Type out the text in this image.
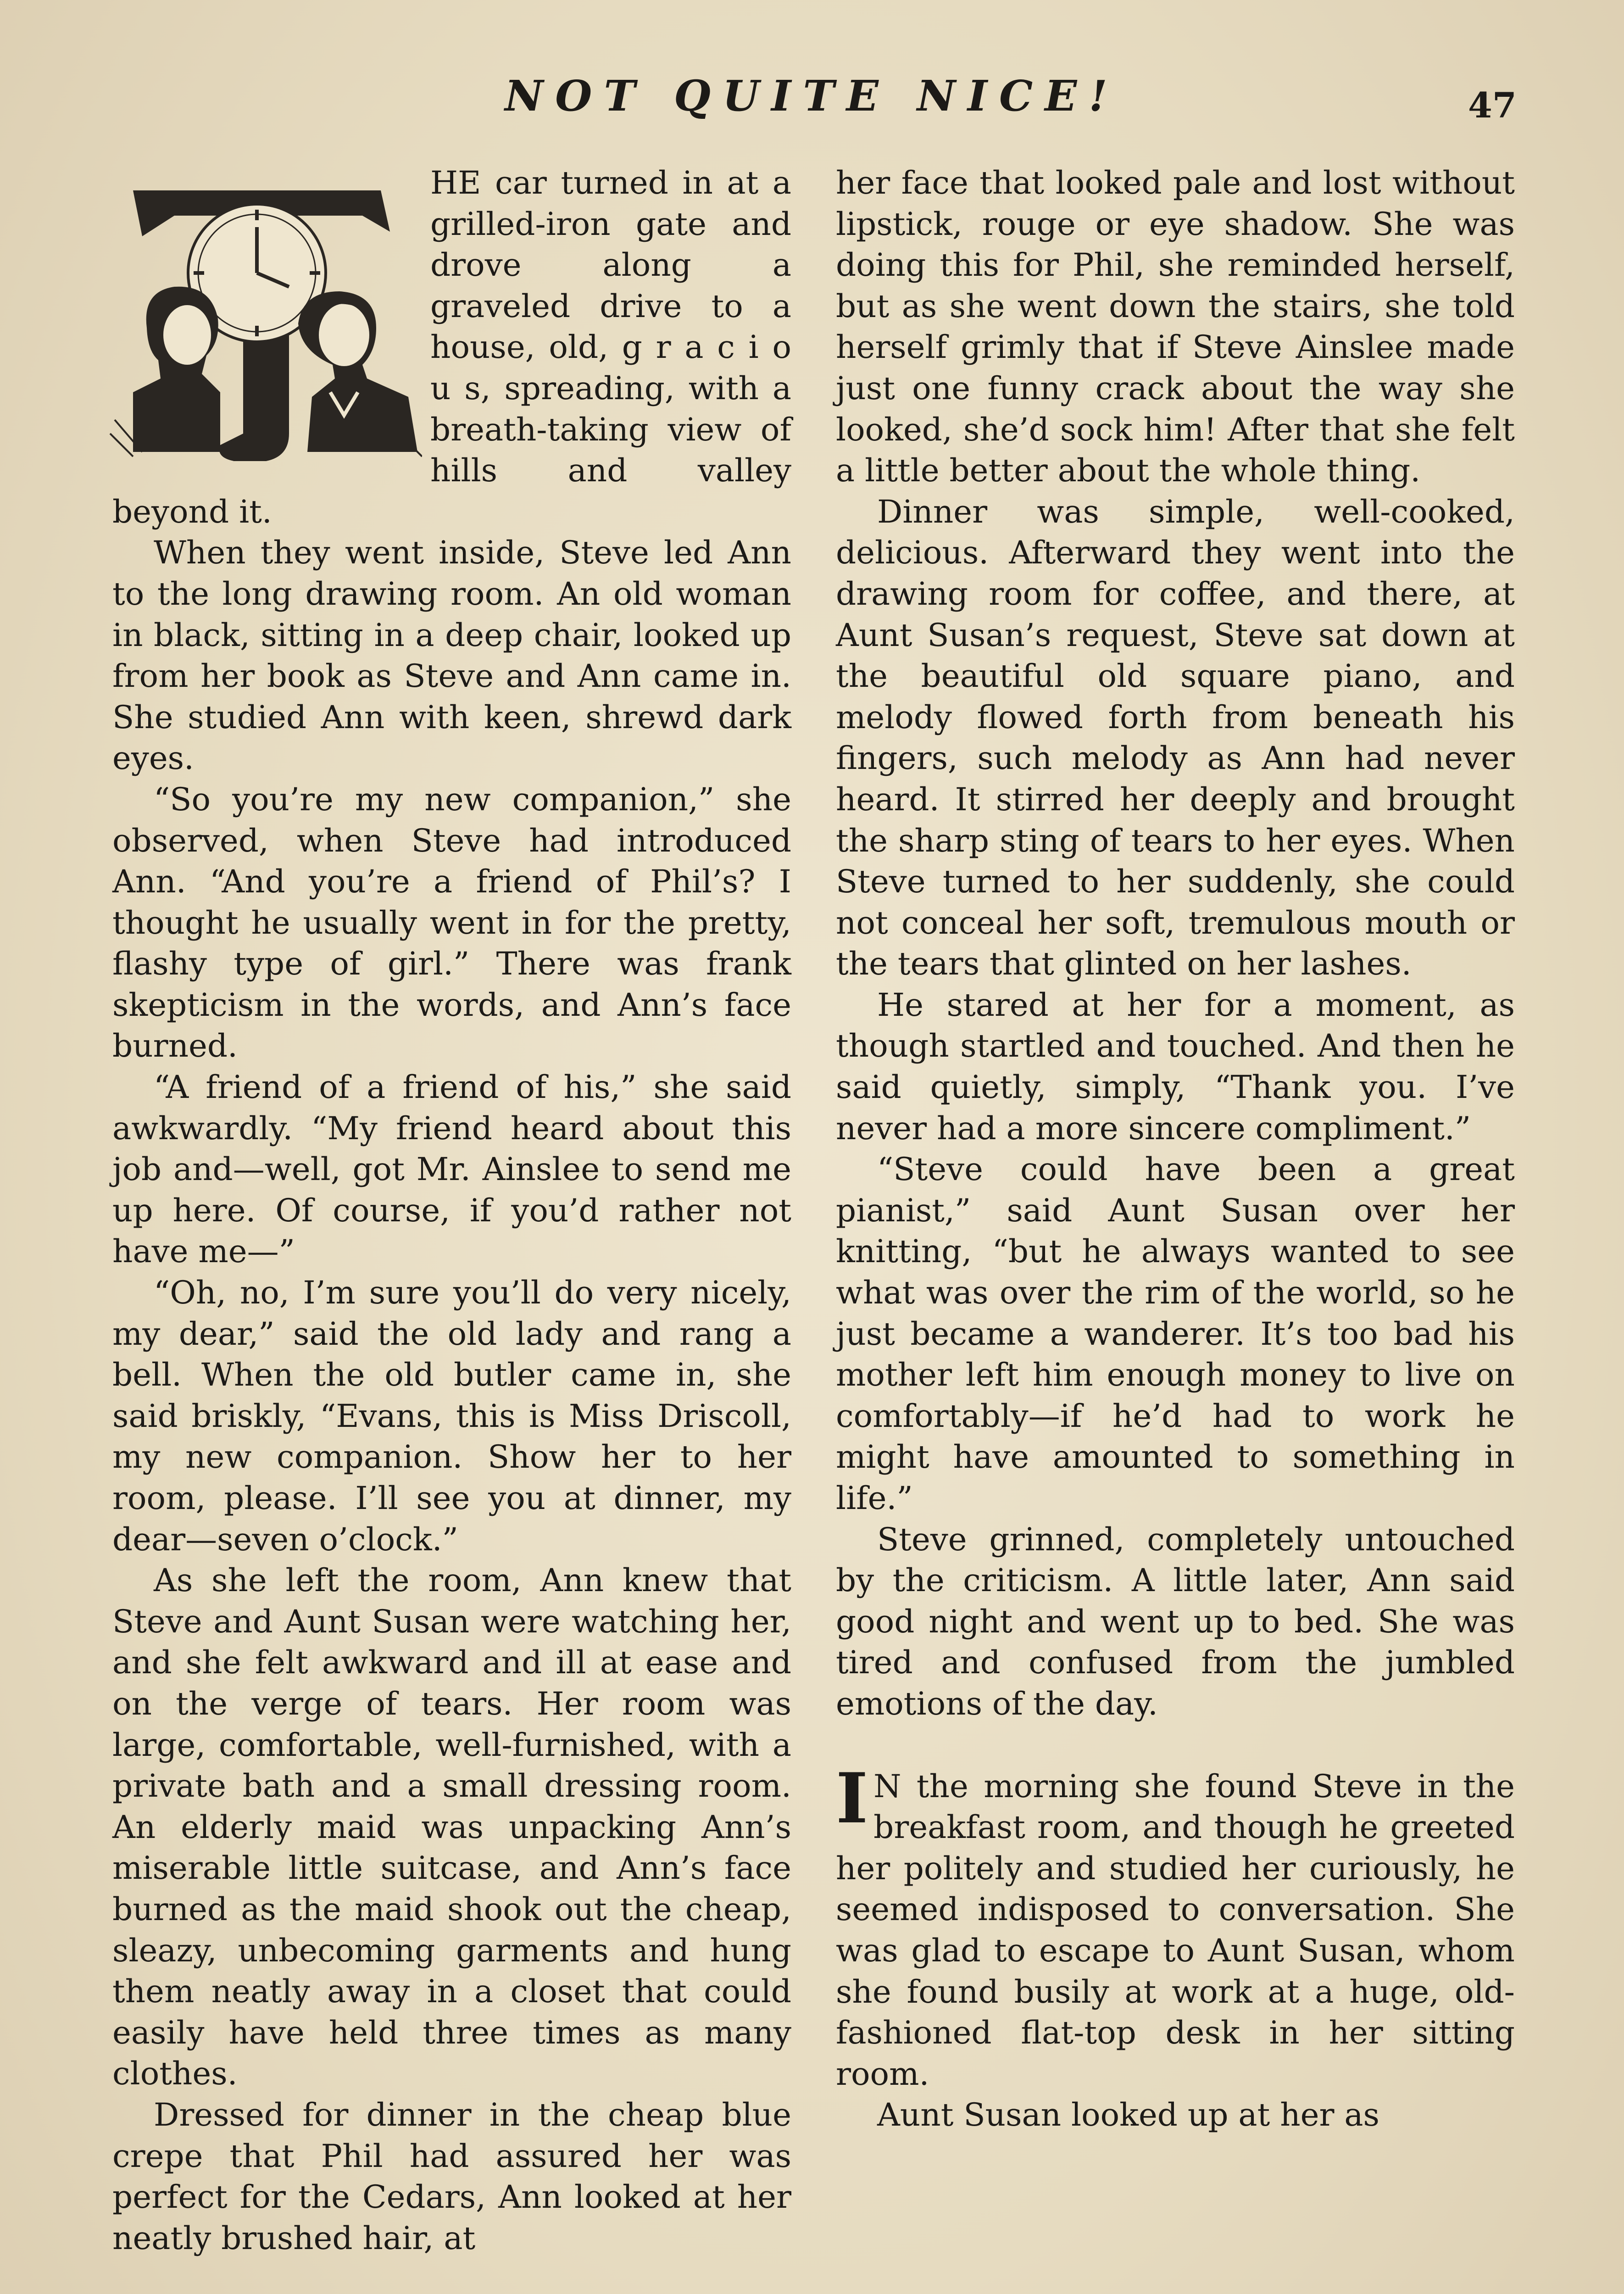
NOT QUITE NICE!	47

HE car turned in at a grilled-iron gate and drove along a graveled drive to a house, old, g r a c i o u s, spreading, with a breath-taking view of hills and valley beyond it.

When they went inside, Steve led Ann to the long drawing room. An old woman in black, sitting in a deep chair, looked up from her book as Steve and Ann came in. She studied Ann with keen, shrewd dark eyes.

“So you’re my new companion,” she observed, when Steve had introduced Ann. “And you’re a friend of Phil’s? I thought he usually went in for the pretty, flashy type of girl.” There was frank skepticism in the words, and Ann’s face burned.

“A friend of a friend of his,” she said awkwardly. “My friend heard about this job and—well, got Mr. Ainslee to send me up here. Of course, if you’d rather not have me—”

“Oh, no, I’m sure you’ll do very nicely, my dear,” said the old lady and rang a bell. When the old butler came in, she said briskly, “Evans, this is Miss Driscoll, my new companion. Show her to her room, please. I’ll see you at dinner, my dear—seven o’clock.”

As she left the room, Ann knew that Steve and Aunt Susan were watching her, and she felt awkward and ill at ease and on the verge of tears. Her room was large, comfortable, well-furnished, with a private bath and a small dressing room. An elderly maid was unpacking Ann’s miserable little suitcase, and Ann’s face burned as the maid shook out the cheap, sleazy, unbecoming garments and hung them neatly away in a closet that could easily have held three times as many clothes.

Dressed for dinner in the cheap blue crepe that Phil had assured her was perfect for the Cedars, Ann looked at her neatly brushed hair, at

her face that looked pale and lost without lipstick, rouge or eye shadow. She was doing this for Phil, she reminded herself, but as she went down the stairs, she told herself grimly that if Steve Ainslee made just one funny crack about the way she looked, she’d sock him! After that she felt a little better about the whole thing.

Dinner was simple, well-cooked, delicious. Afterward they went into the drawing room for coffee, and there, at Aunt Susan’s request, Steve sat down at the beautiful old square piano, and melody flowed forth from beneath his fingers, such melody as Ann had never heard. It stirred her deeply and brought the sharp sting of tears to her eyes. When Steve turned to her suddenly, she could not conceal her soft, tremulous mouth or the tears that glinted on her lashes.

He stared at her for a moment, as though startled and touched. And then he said quietly, simply, “Thank you. I’ve never had a more sincere compliment.”

“Steve could have been a great pianist,” said Aunt Susan over her knitting, “but he always wanted to see what was over the rim of the world, so he just became a wanderer. It’s too bad his mother left him enough money to live on comfortably—if he’d had to work he might have amounted to something in life.”

Steve grinned, completely untouched by the criticism. A little later, Ann said good night and went up to bed. She was tired and confused from the jumbled emotions of the day.

I N the morning she found Steve in the breakfast room, and though he greeted her politely and studied her curiously, he seemed indisposed to conversation. She was glad to escape to Aunt Susan, whom she found busily at work at a huge, old-fashioned flat-top desk in her sitting room.

Aunt Susan looked up at her as
